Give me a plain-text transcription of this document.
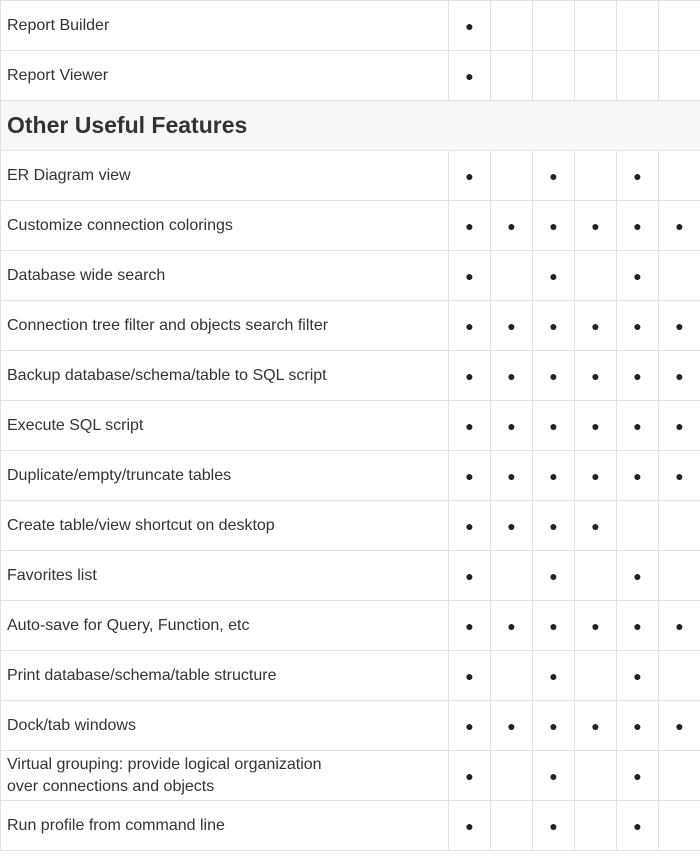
Report Builder	●					
Report Viewer	●					
Other Useful Features						
ER Diagram view	●		●		●	
Customize connection colorings	●	●	●	●	●	●
Database wide search	●		●		●	
Connection tree filter and objects search filter	●	●	●	●	●	●
Backup database/schema/table to SQL script	●	●	●	●	●	●
Execute SQL script	●	●	●	●	●	●
Duplicate/empty/truncate tables	●	●	●	●	●	●
Create table/view shortcut on desktop	●	●	●	●		
Favorites list	●		●		●	
Auto-save for Query, Function, etc	●	●	●	●	●	●
Print database/schema/table structure	●		●		●	
Dock/tab windows	●	●	●	●	●	●
Virtual grouping: provide logical organization over connections and objects	●		●		●	
Run profile from command line	●		●		●	
